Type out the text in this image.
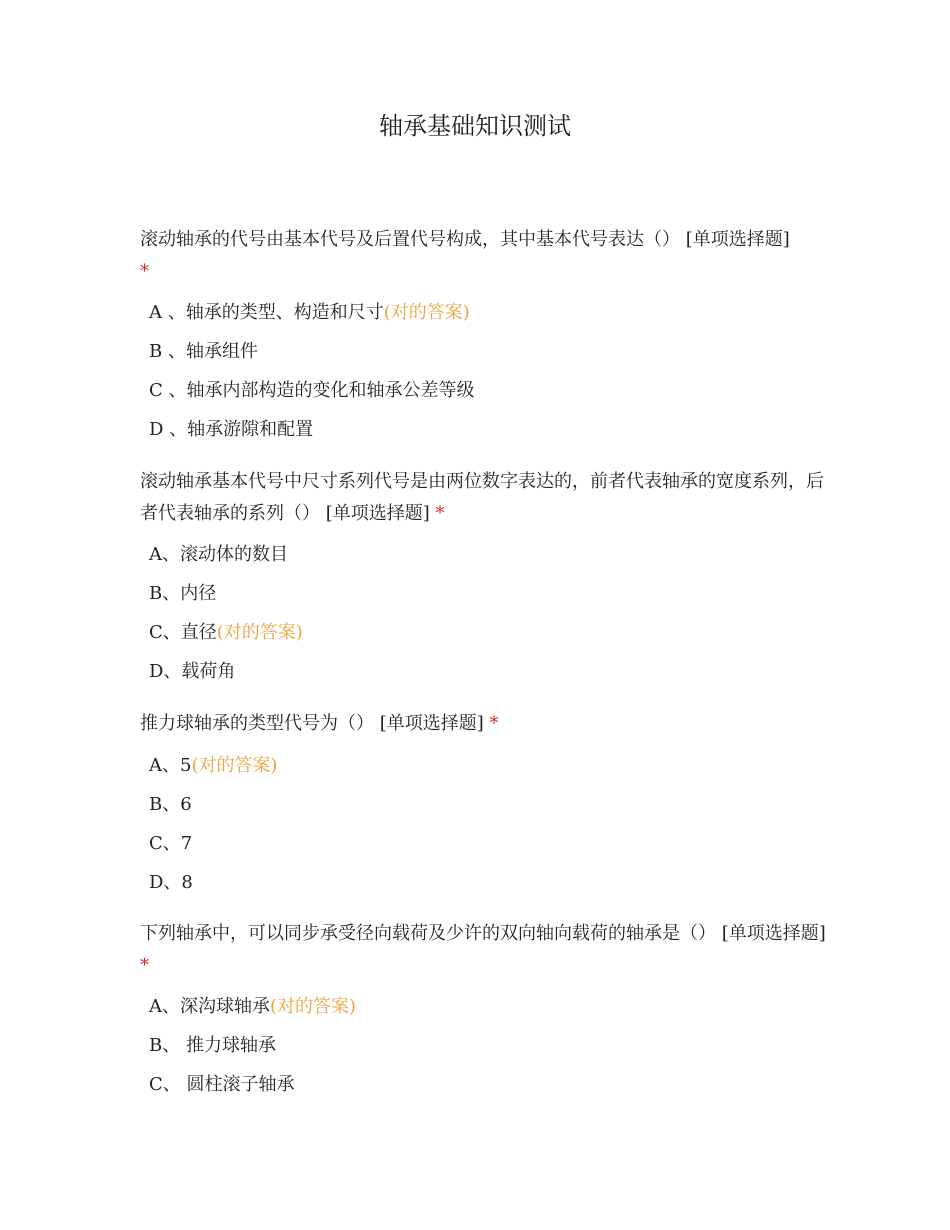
轴承基础知识测试
滚动轴承的代号由基本代号及后置代号构成，其中基本代号表达（） [单项选择题]
*
A 、轴承的类型、构造和尺寸(对的答案)
B 、轴承组件
C 、轴承内部构造的变化和轴承公差等级
D 、轴承游隙和配置
滚动轴承基本代号中尺寸系列代号是由两位数字表达的，前者代表轴承的宽度系列，后者代表轴承的系列（） [单项选择题] *
A、滚动体的数目
B、内径
C、直径(对的答案)
D、载荷角
推力球轴承的类型代号为（） [单项选择题] *
A、5(对的答案)
B、6
C、7
D、8
下列轴承中，可以同步承受径向载荷及少许的双向轴向载荷的轴承是（） [单项选择题] *
A、深沟球轴承(对的答案)
B、 推力球轴承
C、 圆柱滚子轴承
